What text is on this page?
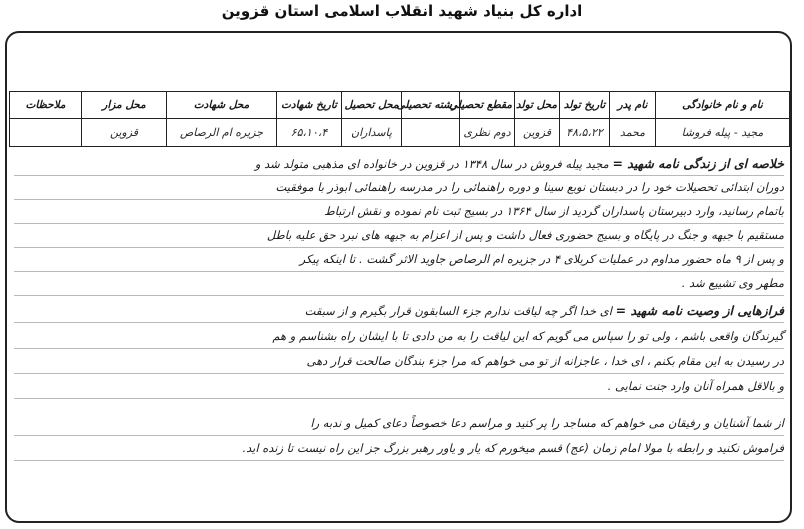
اداره کل بنیاد شهید انقلاب اسلامی استان قزوین
نام و نام خانوادگی	نام پدر	تاریخ تولد	محل تولد	مقطع تحصیلی	رشته تحصیلی	محل تحصیل	تاریخ شهادت	محل شهادت	محل مزار	ملاحظات
مجید - پیله فروشا	محمد	۴۸،۵،۲۲	قزوین	دوم نظری		پاسداران	۶۵،۱۰،۴	جزیره ام الرصاص	قزوین	
خلاصه ای از زندگی نامه شهید = مجید پیله فروش در سال ۱۳۴۸ در قزوین در خانواده ای مذهبی متولد شد و
دوران ابتدائی تحصیلات خود را در دبستان نوبع سینا و دوره راهنمائی را در مدرسه راهنمائی ابوذر با موفقیت
باتمام رسانید، وارد دبیرستان پاسداران گردید از سال ۱۳۶۴ در بسیج ثبت نام نموده و نقش ارتباط
مستقیم با جبهه و جنگ در پایگاه و بسیج حضوری فعال داشت و پس از اعزام به جبهه های نبرد حق علیه باطل
و پس از ۹ ماه حضور مداوم در عملیات کربلای ۴ در جزیره ام الرصاص جاوید الاثر گشت . تا اینکه پیکر
مطهر وی تشییع شد .
فرازهایی از وصیت نامه شهید = ای خدا اگر چه لیاقت ندارم جزء السابقون قرار بگیرم و از سبقت
گیرندگان واقعی باشم ، ولی تو را سپاس می گویم که این لیاقت را به من دادی تا با ایشان راه بشناسم و هم
در رسیدن به این مقام بکنم ، ای خدا ، عاجزانه از تو می خواهم که مرا جزء بندگان صالحت قرار دهی
و بالاقل همراه آنان وارد جنت نمایی .
از شما آشنایان و رفیقان می خواهم که مساجد را پر کنید و مراسم دعا خصوصاً دعای کمیل و ندبه را
فراموش نکنید و رابطه با مولا امام زمان (عج) قسم میخورم که یار و یاور رهبر بزرگ جز این راه نیست تا زنده اید.
